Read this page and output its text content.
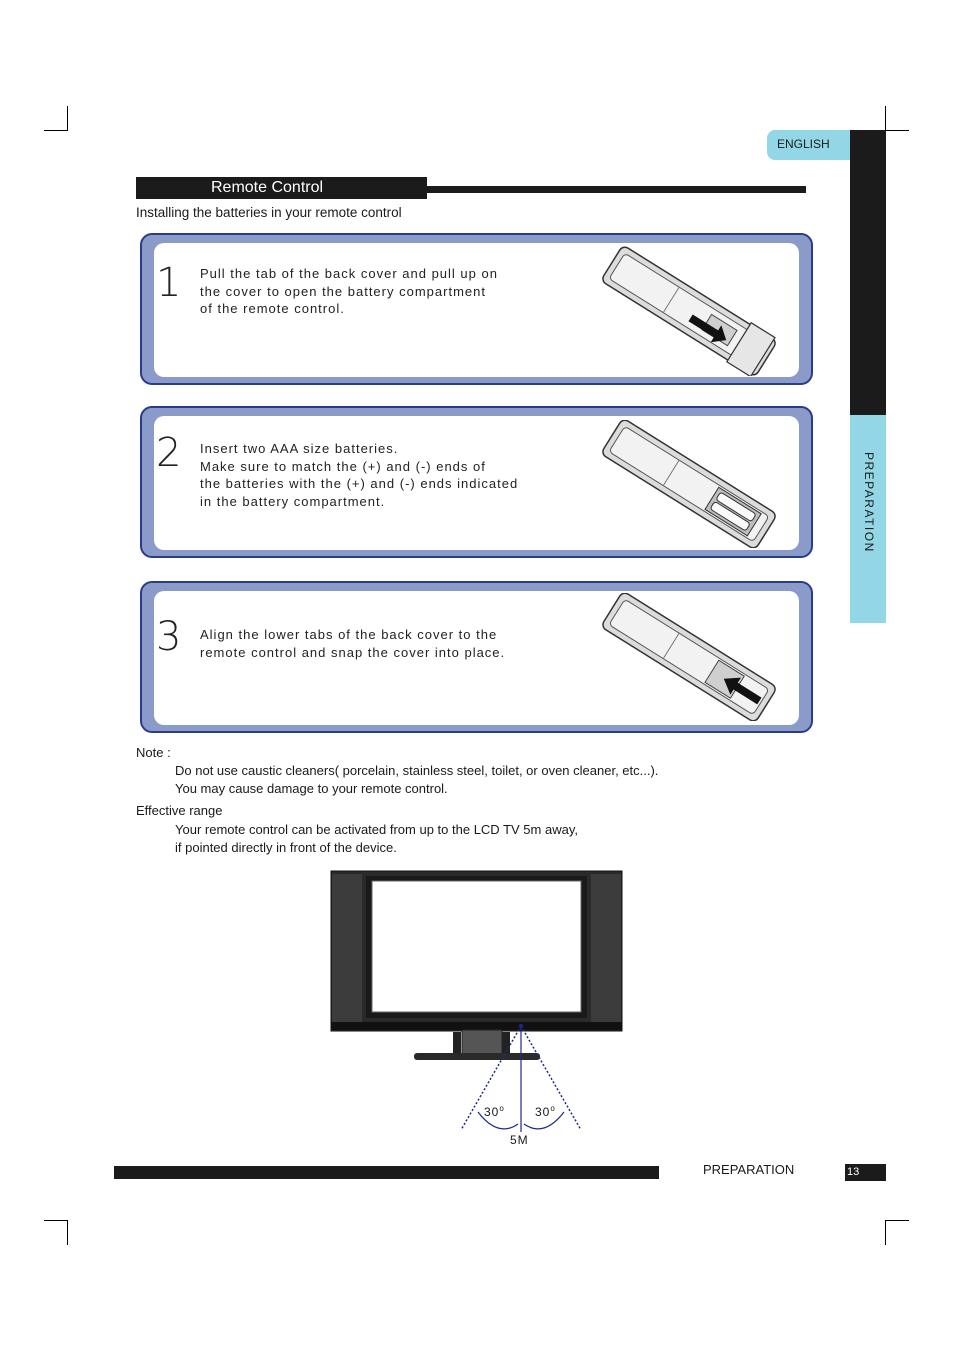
PREPARATION
ENGLISH
Remote Control
Installing the batteries in your remote control
1 Pull the tab of the back cover and pull up on
the cover to open the battery compartment
of the remote control.
2 Insert two AAA size batteries.
Make sure to match the (+) and (-) ends of
the batteries with the (+) and (-) ends indicated
in the battery compartment.
3 Align the lower tabs of the back cover to the
remote control and snap the cover into place.
Note :
Do not use caustic cleaners( porcelain, stainless steel, toilet, or oven cleaner, etc...).
You may cause damage to your remote control.
Effective range
Your remote control can be activated from up to the LCD TV 5m away,
if pointed directly in front of the device.
30$^o$	30$^o$
5M
PREPARATION	13
